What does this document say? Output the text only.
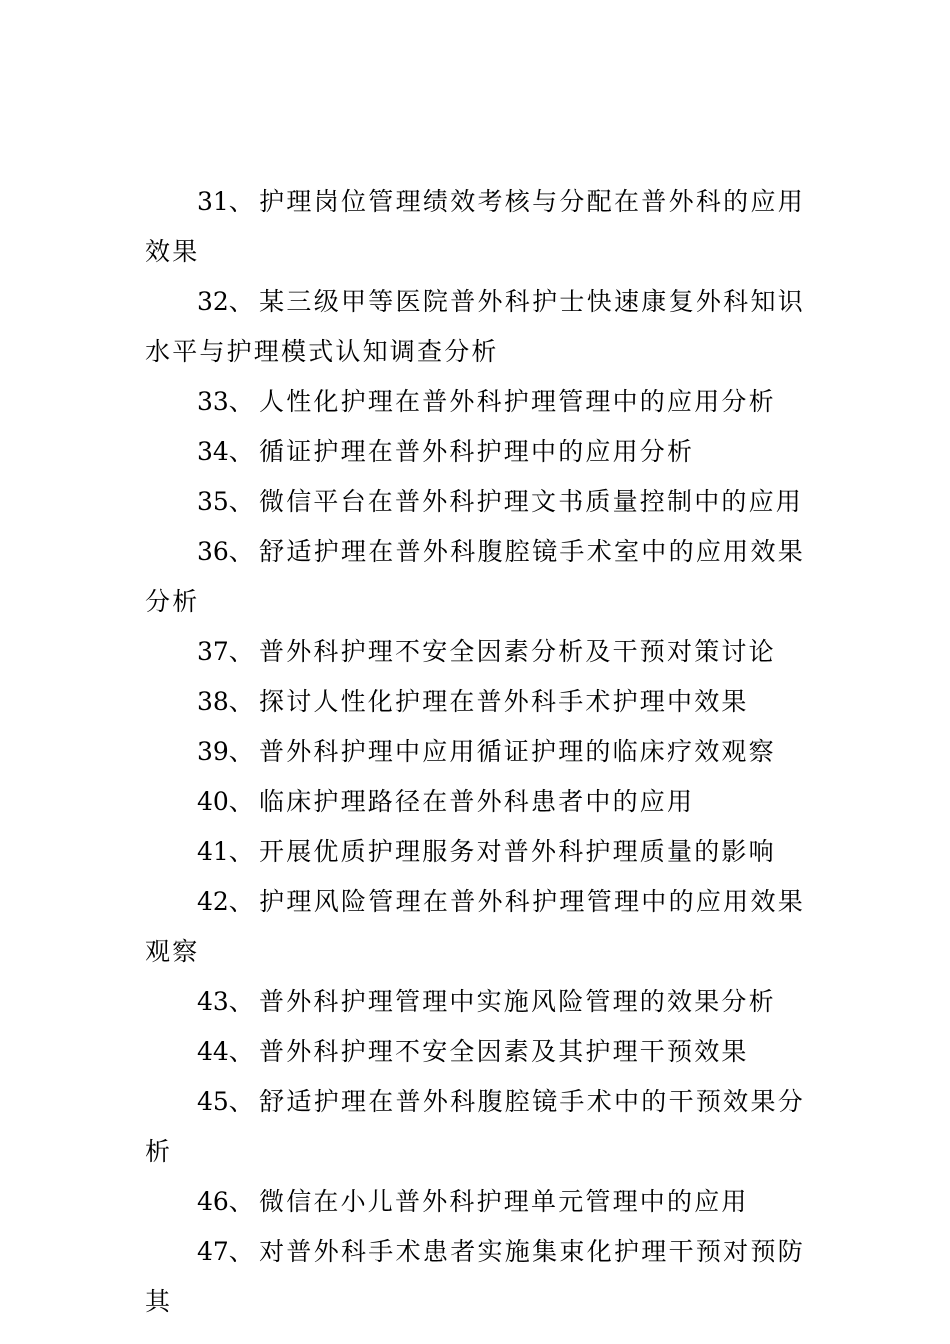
31、 护理岗位管理绩效考核与分配在普外科的应用效果
32、 某三级甲等医院普外科护士快速康复外科知识水平与护理模式认知调查分析
33、 人性化护理在普外科护理管理中的应用分析
34、 循证护理在普外科护理中的应用分析
35、 微信平台在普外科护理文书质量控制中的应用
36、 舒适护理在普外科腹腔镜手术室中的应用效果分析
37、 普外科护理不安全因素分析及干预对策讨论
38、 探讨人性化护理在普外科手术护理中效果
39、 普外科护理中应用循证护理的临床疗效观察
40、 临床护理路径在普外科患者中的应用
41、 开展优质护理服务对普外科护理质量的影响
42、 护理风险管理在普外科护理管理中的应用效果观察
43、 普外科护理管理中实施风险管理的效果分析
44、 普外科护理不安全因素及其护理干预效果
45、 舒适护理在普外科腹腔镜手术中的干预效果分析
46、 微信在小儿普外科护理单元管理中的应用
47、 对普外科手术患者实施集束化护理干预对预防其
